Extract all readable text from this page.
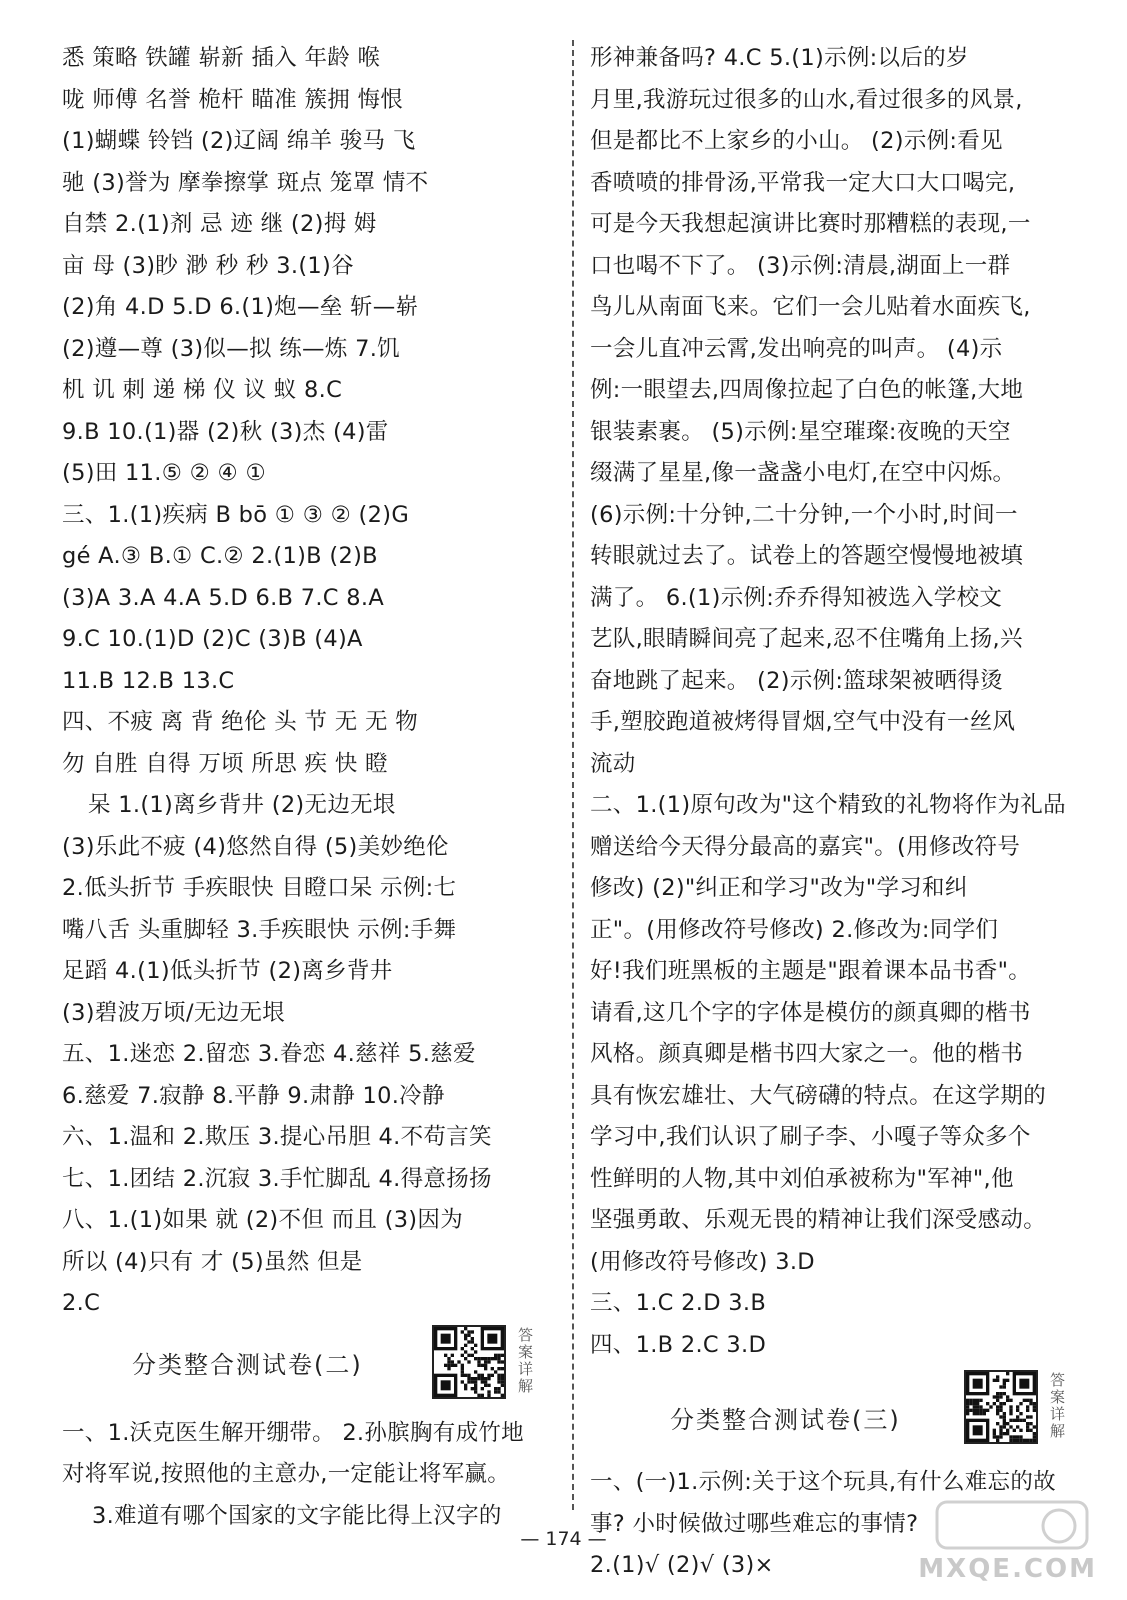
悉 策略 铁罐 崭新 插入 年龄 喉
咙 师傅 名誉 桅杆 瞄准 簇拥 悔恨
(1)蝴蝶 铃铛 (2)辽阔 绵羊 骏马 飞
驰 (3)誉为 摩拳擦掌 斑点 笼罩 情不
自禁 2.(1)剂 忌 迹 继 (2)拇 姆
亩 母 (3)眇 渺 秒 秒 3.(1)谷
(2)角 4.D 5.D 6.(1)炮—垒 斩—崭
(2)遵—尊 (3)似—拟 练—炼 7.饥
机 讥 刺 递 梯 仪 议 蚁 8.C
9.B 10.(1)器 (2)秋 (3)杰 (4)雷
(5)田 11.⑤ ② ④ ①
三、1.(1)疾病 B bō ① ③ ② (2)G
gé A.③ B.① C.② 2.(1)B (2)B
(3)A 3.A 4.A 5.D 6.B 7.C 8.A
9.C 10.(1)D (2)C (3)B (4)A
11.B 12.B 13.C
四、不疲 离 背 绝伦 头 节 无 无 物
勿 自胜 自得 万顷 所思 疾 快 瞪
呆 1.(1)离乡背井 (2)无边无垠
(3)乐此不疲 (4)悠然自得 (5)美妙绝伦
2.低头折节 手疾眼快 目瞪口呆 示例:七
嘴八舌 头重脚轻 3.手疾眼快 示例:手舞
足蹈 4.(1)低头折节 (2)离乡背井
(3)碧波万顷/无边无垠
五、1.迷恋 2.留恋 3.眷恋 4.慈祥 5.慈爱
6.慈爱 7.寂静 8.平静 9.肃静 10.冷静
六、1.温和 2.欺压 3.提心吊胆 4.不苟言笑
七、1.团结 2.沉寂 3.手忙脚乱 4.得意扬扬
八、1.(1)如果 就 (2)不但 而且 (3)因为
所以 (4)只有 才 (5)虽然 但是
2.C
分类整合测试卷(二)
答案详解
一、1.沃克医生解开绷带。 2.孙膑胸有成竹地
对将军说,按照他的主意办,一定能让将军赢。
3.难道有哪个国家的文字能比得上汉字的
形神兼备吗? 4.C 5.(1)示例:以后的岁
月里,我游玩过很多的山水,看过很多的风景,
但是都比不上家乡的小山。 (2)示例:看见
香喷喷的排骨汤,平常我一定大口大口喝完,
可是今天我想起演讲比赛时那糟糕的表现,一
口也喝不下了。 (3)示例:清晨,湖面上一群
鸟儿从南面飞来。它们一会儿贴着水面疾飞,
一会儿直冲云霄,发出响亮的叫声。 (4)示
例:一眼望去,四周像拉起了白色的帐篷,大地
银装素裹。 (5)示例:星空璀璨:夜晚的天空
缀满了星星,像一盏盏小电灯,在空中闪烁。
(6)示例:十分钟,二十分钟,一个小时,时间一
转眼就过去了。试卷上的答题空慢慢地被填
满了。 6.(1)示例:乔乔得知被选入学校文
艺队,眼睛瞬间亮了起来,忍不住嘴角上扬,兴
奋地跳了起来。 (2)示例:篮球架被晒得烫
手,塑胶跑道被烤得冒烟,空气中没有一丝风
流动
二、1.(1)原句改为"这个精致的礼物将作为礼品
赠送给今天得分最高的嘉宾"。(用修改符号
修改) (2)"纠正和学习"改为"学习和纠
正"。(用修改符号修改) 2.修改为:同学们
好!我们班黑板的主题是"跟着课本品书香"。
请看,这几个字的字体是模仿的颜真卿的楷书
风格。颜真卿是楷书四大家之一。他的楷书
具有恢宏雄壮、大气磅礴的特点。在这学期的
学习中,我们认识了刷子李、小嘎子等众多个
性鲜明的人物,其中刘伯承被称为"军神",他
坚强勇敢、乐观无畏的精神让我们深受感动。
(用修改符号修改) 3.D
三、1.C 2.D 3.B
四、1.B 2.C 3.D
分类整合测试卷(三)
答案详解
一、(一)1.示例:关于这个玩具,有什么难忘的故
事? 小时候做过哪些难忘的事情?
2.(1)√ (2)√ (3)×
— 174 —
MXQE.COM
